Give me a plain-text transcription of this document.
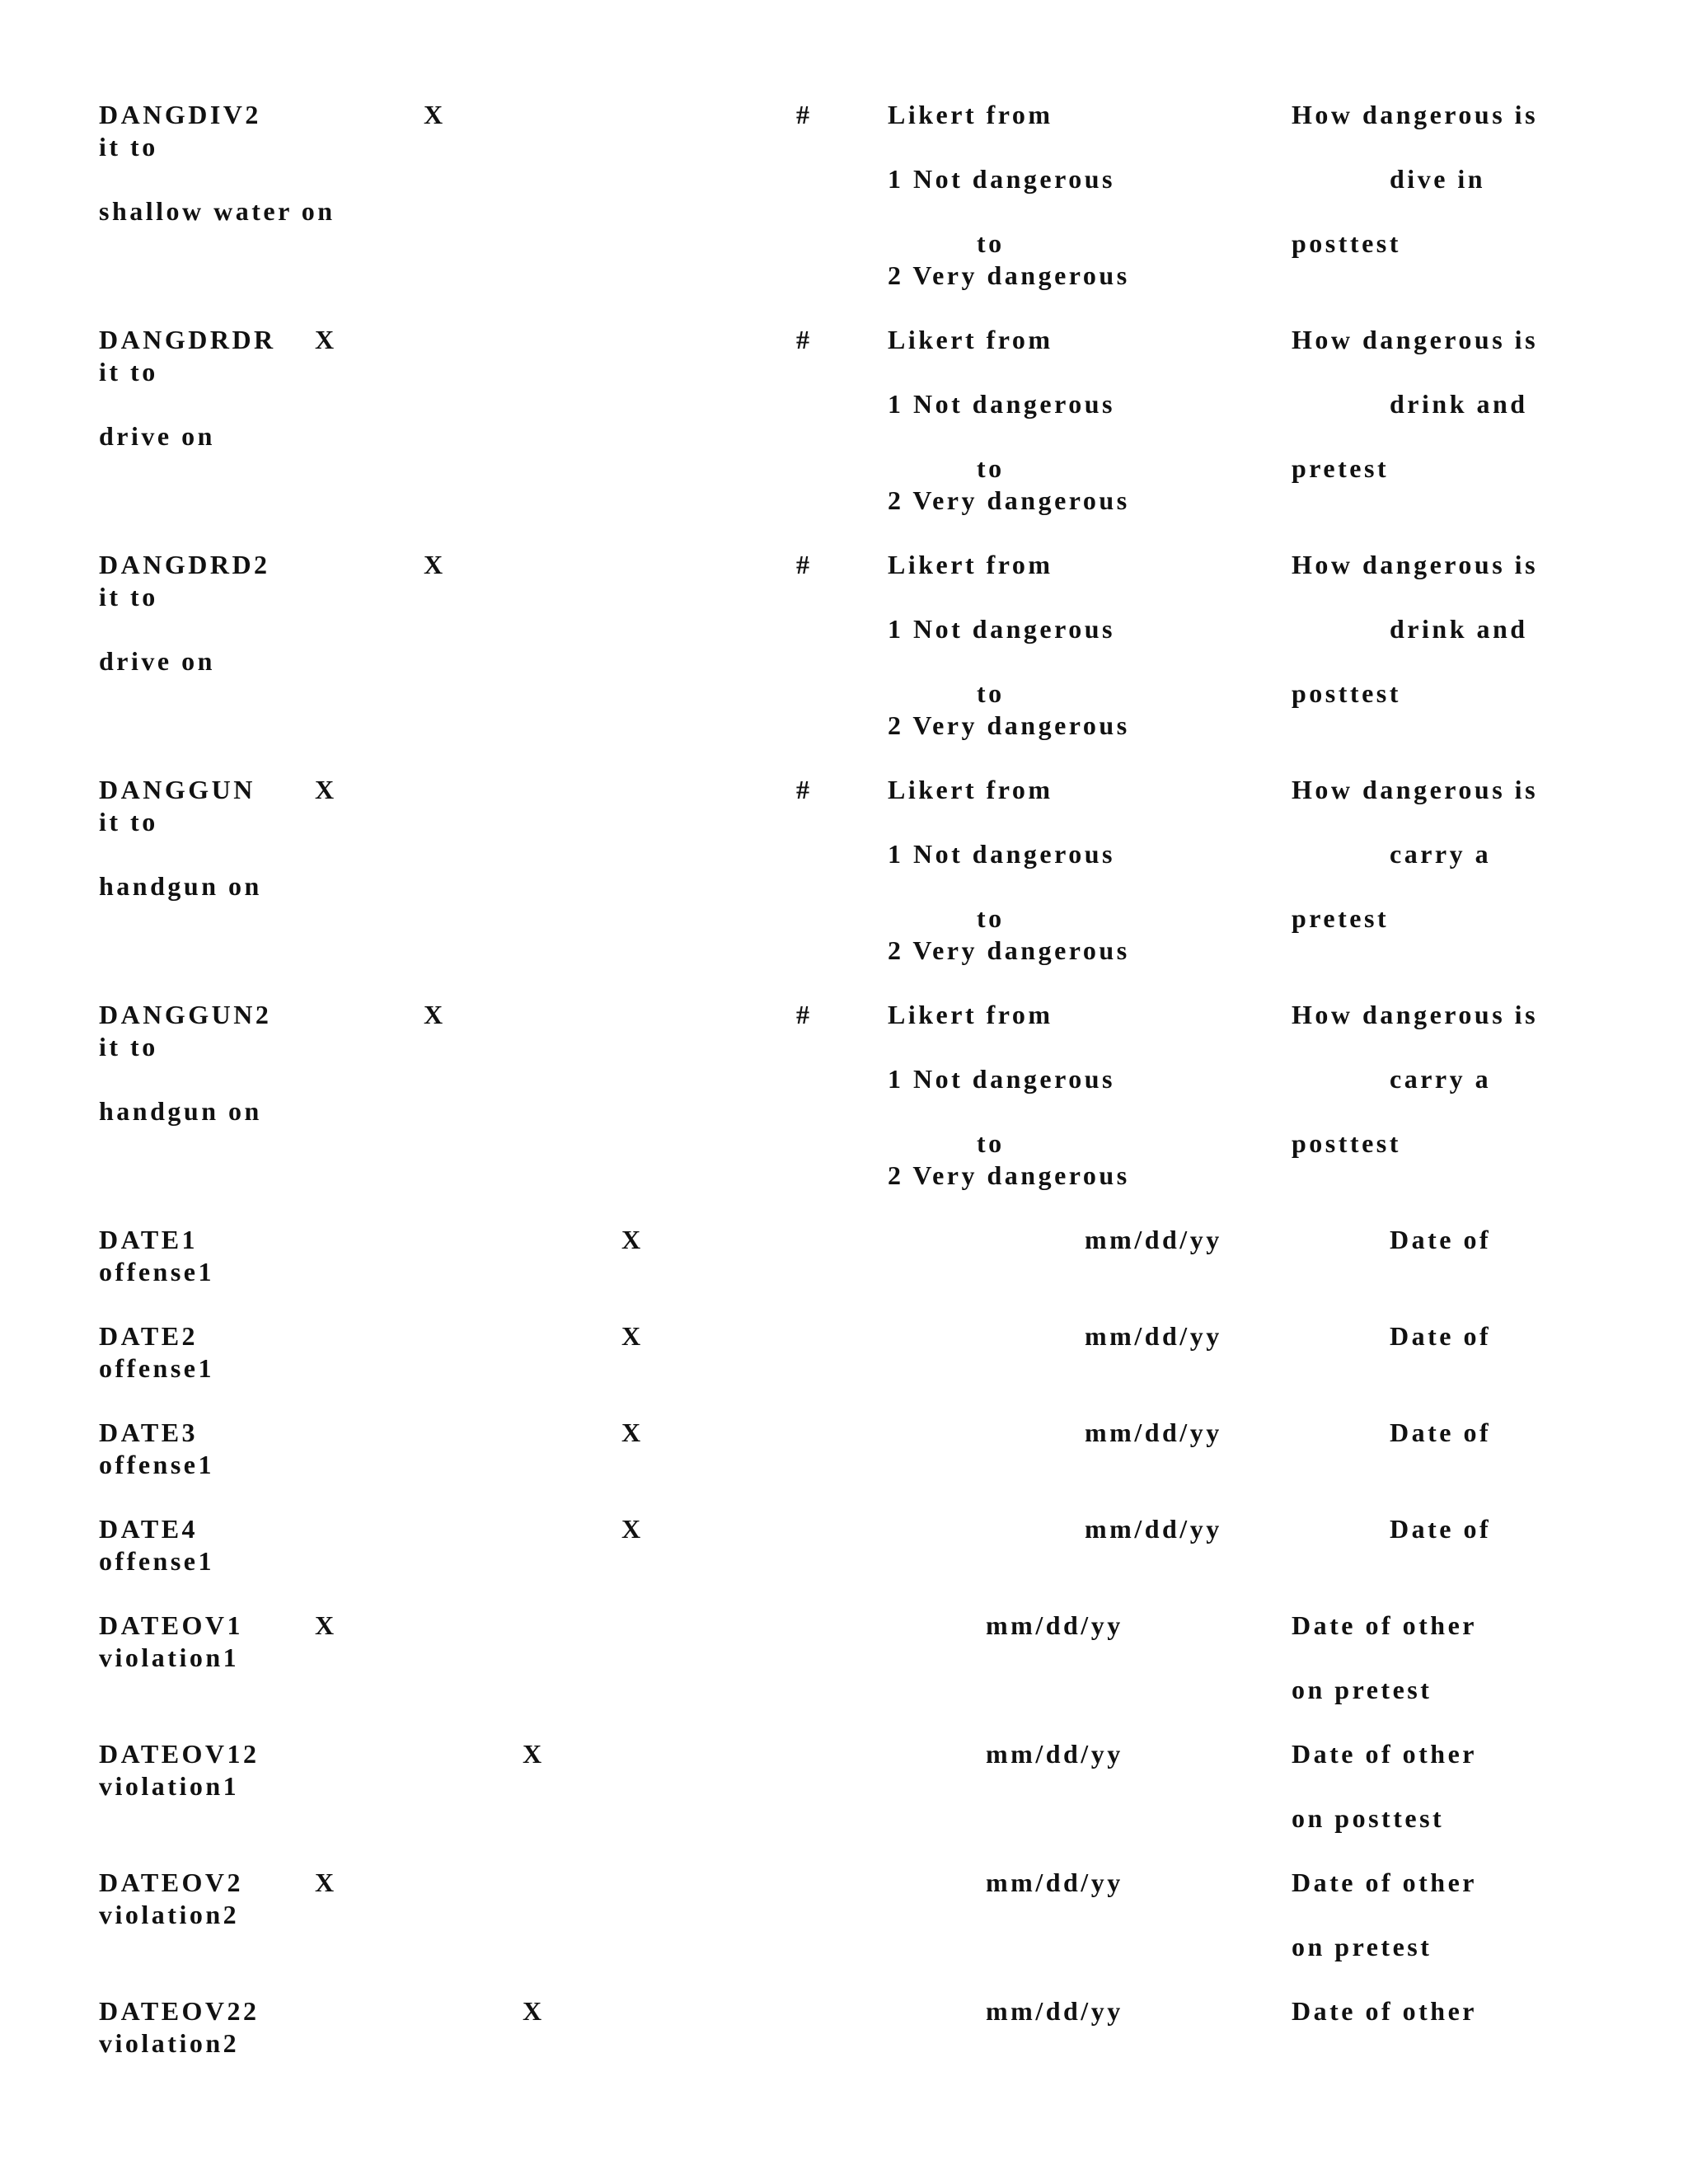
DANGDIV2	X	#	Likert from	How dangerous is
it to
1 Not dangerous	dive in
shallow water on
to	posttest
2 Very dangerous
DANGDRDR X	#	Likert from	How dangerous is
it to
1 Not dangerous	drink and
drive on
to	pretest
2 Very dangerous
DANGDRD2	X	#	Likert from	How dangerous is
it to
1 Not dangerous	drink and
drive on
to	posttest
2 Very dangerous
DANGGUN X	#	Likert from	How dangerous is
it to
1 Not dangerous	carry a
handgun on
to	pretest
2 Very dangerous
DANGGUN2	X	#	Likert from	How dangerous is
it to
1 Not dangerous	carry a
handgun on
to	posttest
2 Very dangerous
DATE1	X	mm/dd/yy	Date of
offense1
DATE2	X	mm/dd/yy	Date of
offense1
DATE3	X	mm/dd/yy	Date of
offense1
DATE4	X	mm/dd/yy	Date of
offense1
DATEOV1	X	mm/dd/yy	Date of other
violation1
on pretest
DATEOV12	X	mm/dd/yy	Date of other
violation1
on posttest
DATEOV2	X	mm/dd/yy	Date of other
violation2
on pretest
DATEOV22	X	mm/dd/yy	Date of other
violation2
